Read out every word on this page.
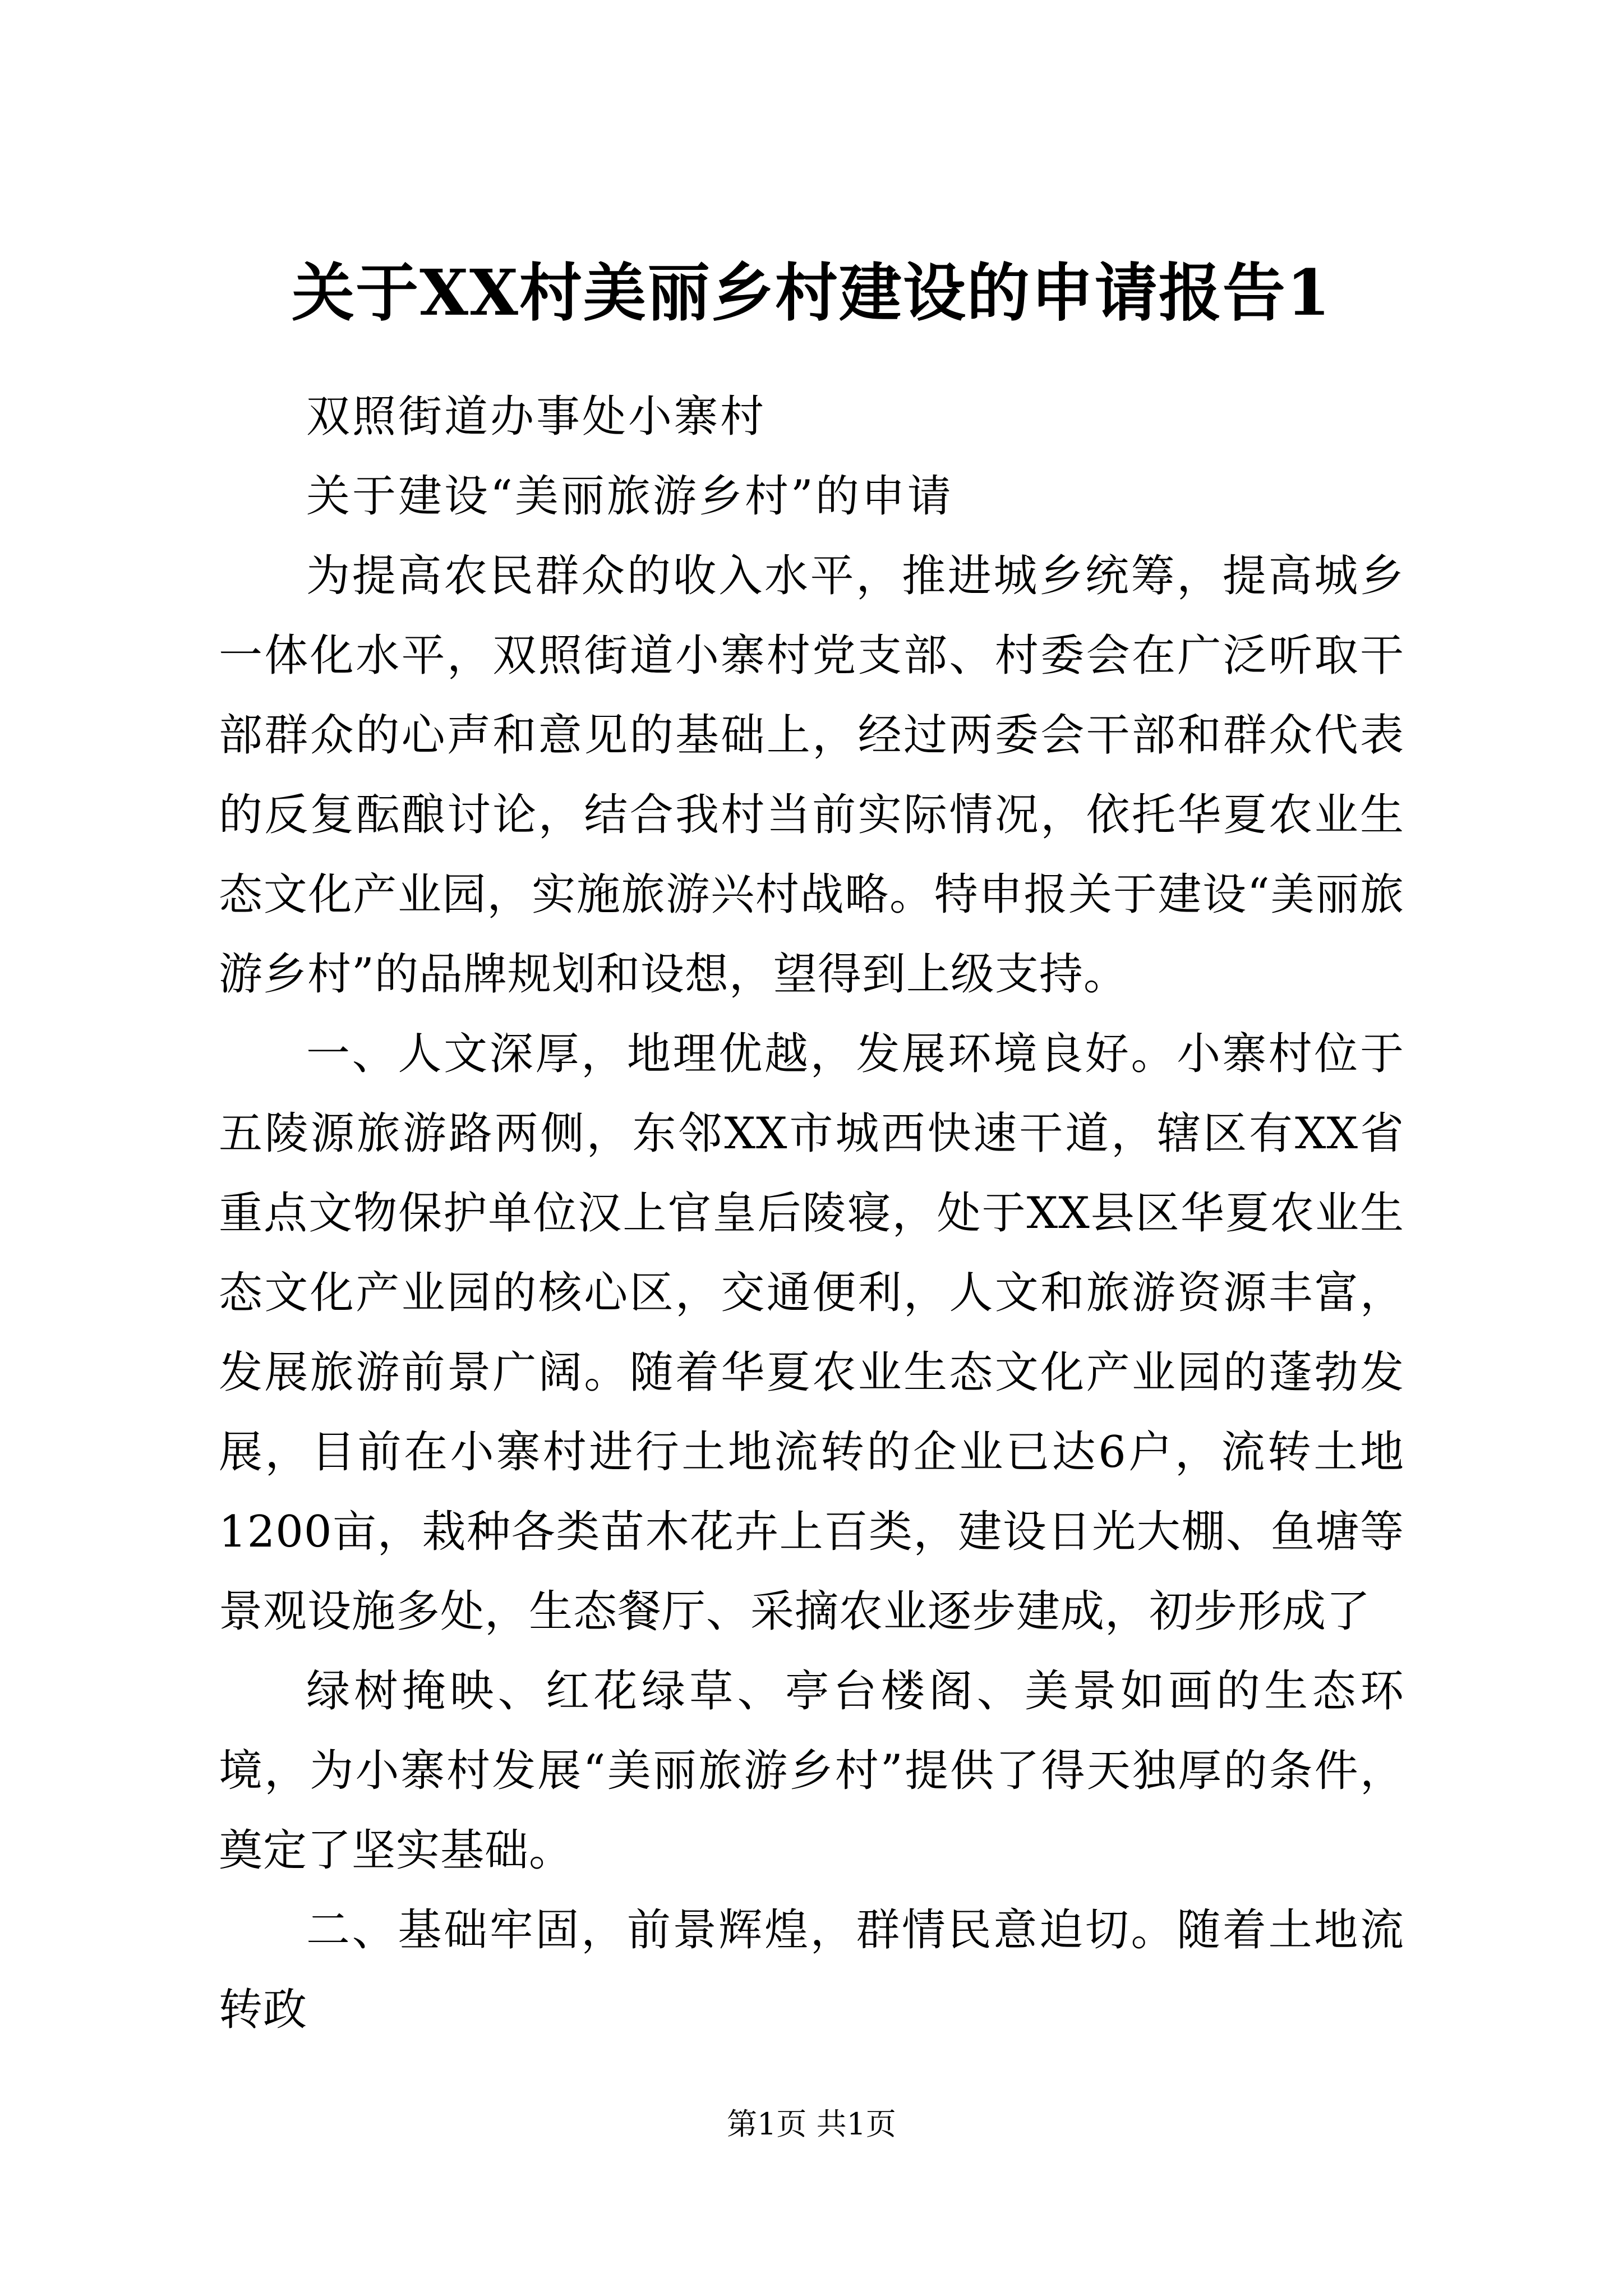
关于XX村美丽乡村建设的申请报告1

双照街道办事处小寨村

关于建设“美丽旅游乡村”的申请

为提高农民群众的收入水平，推进城乡统筹，提高城乡一体化水平，双照街道小寨村党支部、村委会在广泛听取干部群众的心声和意见的基础上，经过两委会干部和群众代表的反复酝酿讨论，结合我村当前实际情况，依托华夏农业生态文化产业园，实施旅游兴村战略。特申报关于建设“美丽旅游乡村”的品牌规划和设想，望得到上级支持。

一、人文深厚，地理优越，发展环境良好。小寨村位于五陵源旅游路两侧，东邻XX市城西快速干道，辖区有XX省重点文物保护单位汉上官皇后陵寝，处于XX县区华夏农业生态文化产业园的核心区，交通便利，人文和旅游资源丰富，发展旅游前景广阔。随着华夏农业生态文化产业园的蓬勃发展，目前在小寨村进行土地流转的企业已达6户，流转土地1200亩，栽种各类苗木花卉上百类，建设日光大棚、鱼塘等景观设施多处，生态餐厅、采摘农业逐步建成，初步形成了

绿树掩映、红花绿草、亭台楼阁、美景如画的生态环境，为小寨村发展“美丽旅游乡村”提供了得天独厚的条件，奠定了坚实基础。

二、基础牢固，前景辉煌，群情民意迫切。随着土地流转政

第1页 共1页
